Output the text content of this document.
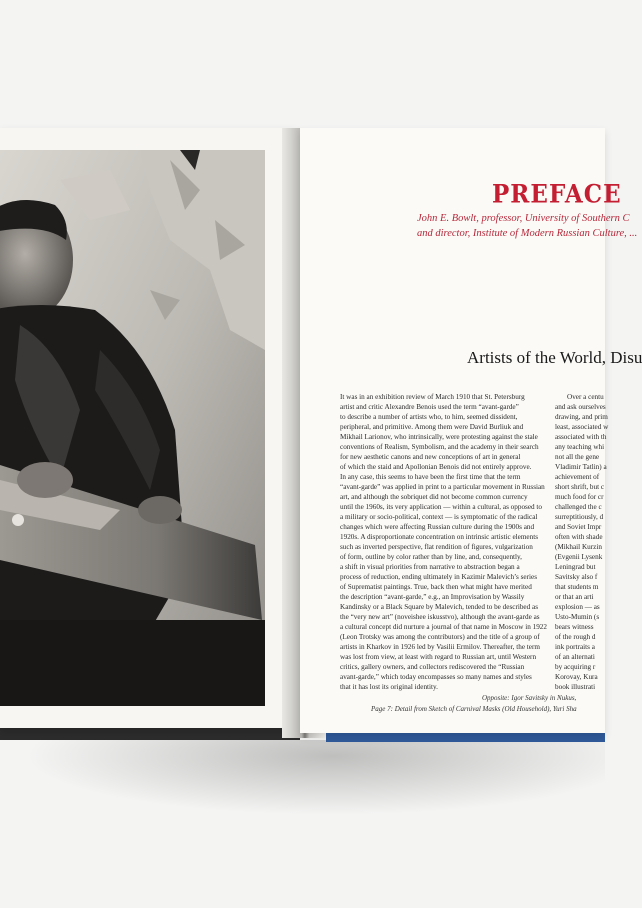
PREFACE
John E. Bowlt, professor, University of Southern C
and director, Institute of Modern Russian Culture, ...
Artists of the World, Disu
It was in an exhibition review of March 1910 that St. Petersburg
artist and critic Alexandre Benois used the term “avant-garde”
to describe a number of artists who, to him, seemed dissident,
peripheral, and primitive. Among them were David Burliuk and
Mikhail Larionov, who intrinsically, were protesting against the stale
conventions of Realism, Symbolism, and the academy in their search
for new aesthetic canons and new conceptions of art in general
of which the staid and Apollonian Benois did not entirely approve.
In any case, this seems to have been the first time that the term
“avant-garde” was applied in print to a particular movement in Russian
art, and although the sobriquet did not become common currency
until the 1960s, its very application — within a cultural, as opposed to
a military or socio-political, context — is symptomatic of the radical
changes which were affecting Russian culture during the 1900s and
1920s. A disproportionate concentration on intrinsic artistic elements
such as inverted perspective, flat rendition of figures, vulgarization
of form, outline by color rather than by line, and, consequently,
a shift in visual priorities from narrative to abstraction began a
process of reduction, ending ultimately in Kazimir Malevich’s series
of Suprematist paintings. True, back then what might have merited
the description “avant-garde,” e.g., an Improvisation by Wassily
Kandinsky or a Black Square by Malevich, tended to be described as
the “very new art” (noveishee iskusstvo), although the avant-garde as
a cultural concept did nurture a journal of that name in Moscow in 1922
(Leon Trotsky was among the contributors) and the title of a group of
artists in Kharkov in 1926 led by Vasilii Ermilov. Thereafter, the term
was lost from view, at least with regard to Russian art, until Western
critics, gallery owners, and collectors rediscovered the “Russian
avant-garde,” which today encompasses so many names and styles
that it has lost its original identity.
Over a centu
and ask ourselves
drawing, and prim
least, associated w
associated with th
any teaching whi
not all the gene
Vladimir Tatlin) a
achievement of
short shrift, but c
much food for cr
challenged the c
surreptitiously, d
and Soviet Impr
often with shade
(Mikhail Kurzin
(Evgenii Lysenk
Leningrad but
Savitsky also f
that students m
or that an arti
explosion — as
Usto-Mumin (s
bears witness
of the rough d
ink portraits a
of an alternati
by acquiring r
Korovay, Kura
book illustrati
Opposite: Igor Savitsky in Nukus,
Page 7: Detail from Sketch of Carnival Masks (Old Household), Yuri Sha
